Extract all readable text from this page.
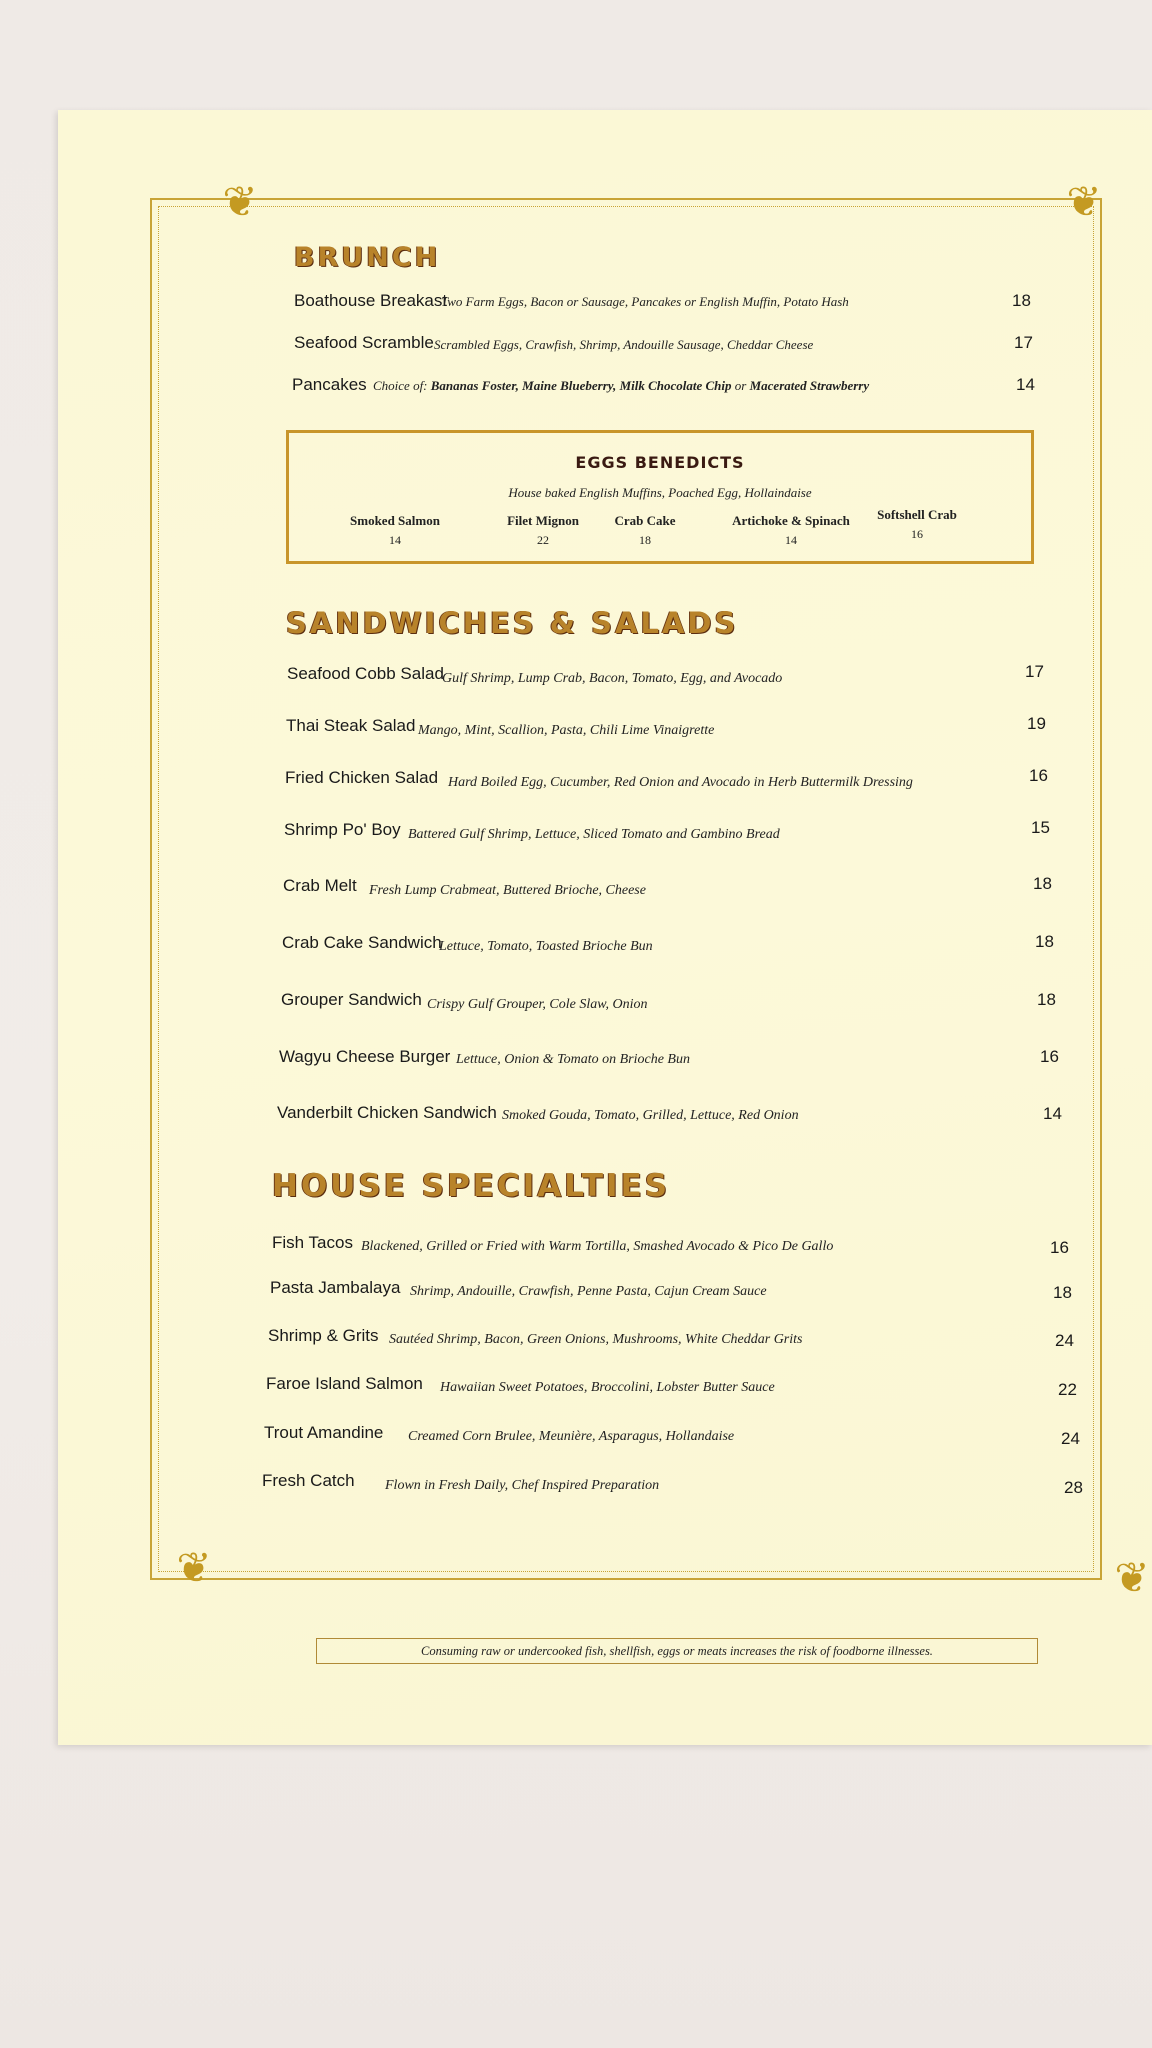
❦	❦
❦	❦
BRUNCH
Boathouse Breakast
Two Farm Eggs, Bacon or Sausage, Pancakes or English Muffin, Potato Hash	18
Seafood Scramble Scrambled Eggs, Crawfish, Shrimp, Andouille Sausage, Cheddar Cheese	17
Pancakes Choice of: Bananas Foster, Maine Blueberry, Milk Chocolate Chip or Macerated Strawberry	14
EGGS BENEDICTS
House baked English Muffins, Poached Egg, Hollaindaise
Smoked Salmon
14
Filet Mignon
22
Crab Cake
18
Artichoke & Spinach
14
Softshell Crab
16
SANDWICHES & SALADS
Seafood Cobb Salad
Gulf Shrimp, Lump Crab, Bacon, Tomato, Egg, and Avocado	17
Thai Steak Salad Mango, Mint, Scallion, Pasta, Chili Lime Vinaigrette	19
Fried Chicken Salad Hard Boiled Egg, Cucumber, Red Onion and Avocado in Herb Buttermilk Dressing	16
Shrimp Po' Boy Battered Gulf Shrimp, Lettuce, Sliced Tomato and Gambino Bread	15
Crab Melt Fresh Lump Crabmeat, Buttered Brioche, Cheese	18
Crab Cake Sandwich
Lettuce, Tomato, Toasted Brioche Bun	18
Grouper Sandwich Crispy Gulf Grouper, Cole Slaw, Onion	18
Wagyu Cheese Burger Lettuce, Onion & Tomato on Brioche Bun	16
Vanderbilt Chicken Sandwich Smoked Gouda, Tomato, Grilled, Lettuce, Red Onion	14
HOUSE SPECIALTIES
Fish Tacos Blackened, Grilled or Fried with Warm Tortilla, Smashed Avocado & Pico De Gallo	16
Pasta Jambalaya Shrimp, Andouille, Crawfish, Penne Pasta, Cajun Cream Sauce	18
Shrimp & Grits Sautéed Shrimp, Bacon, Green Onions, Mushrooms, White Cheddar Grits	24
Faroe Island Salmon Hawaiian Sweet Potatoes, Broccolini, Lobster Butter Sauce	22
Trout Amandine Creamed Corn Brulee, Meunière, Asparagus, Hollandaise	24
Fresh Catch Flown in Fresh Daily, Chef Inspired Preparation	28
Consuming raw or undercooked fish, shellfish, eggs or meats increases the risk of foodborne illnesses.
